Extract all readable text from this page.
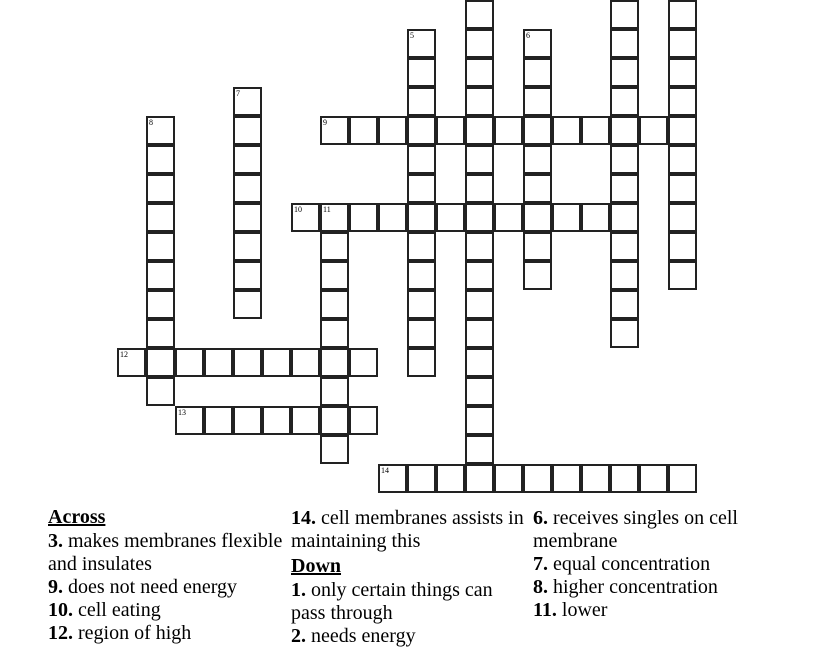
5	6
7
8	9
10	11
12
13
14
Across

3. makes membranes flexible and insulates

9. does not need energy

10. cell eating

12. region of high

14. cell membranes assists in maintaining this

Down

1. only certain things can pass through

2. needs energy

6. receives singles on cell membrane

7. equal concentration

8. higher concentration

11. lower
